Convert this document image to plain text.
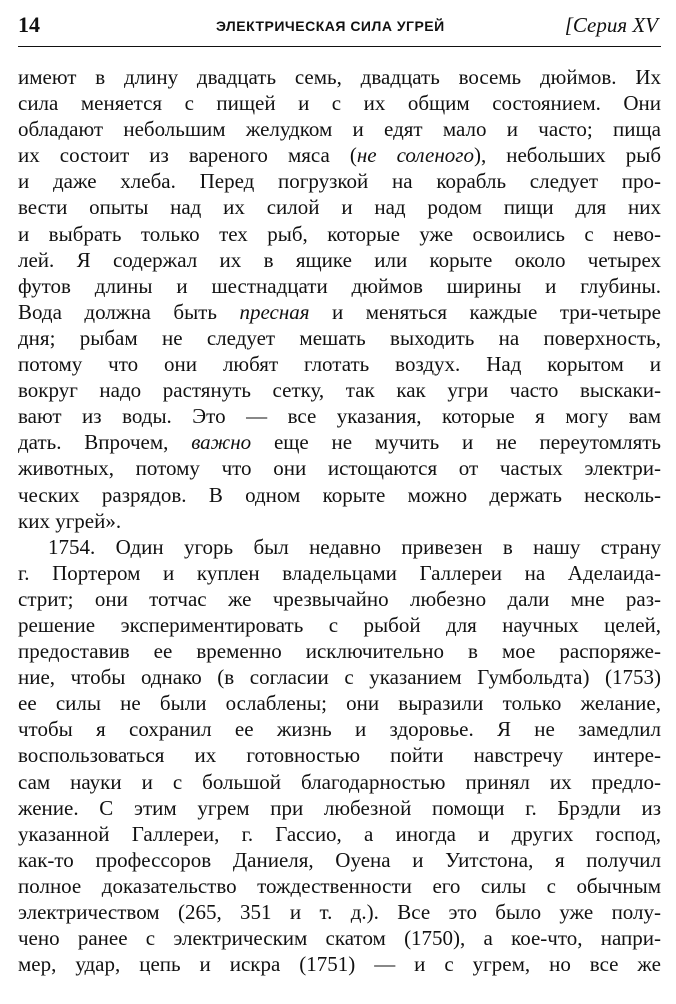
14	ЭЛЕКТРИЧЕСКАЯ СИЛА УГРЕЙ	[Серия XV
имеют в длину двадцать семь, двадцать восемь дюймов. Их
сила меняется с пищей и с их общим состоянием. Они
обладают небольшим желудком и едят мало и часто; пища
их состоит из вареного мяса (не соленого), небольших рыб
и даже хлеба. Перед погрузкой на корабль следует про-
вести опыты над их силой и над родом пищи для них
и выбрать только тех рыб, которые уже освоились с нево-
лей. Я содержал их в ящике или корыте около четырех
футов длины и шестнадцати дюймов ширины и глубины.
Вода должна быть пресная и меняться каждые три-четыре
дня; рыбам не следует мешать выходить на поверхность,
потому что они любят глотать воздух. Над корытом и
вокруг надо растянуть сетку, так как угри часто выскаки-
вают из воды. Это — все указания, которые я могу вам
дать. Впрочем, важно еще не мучить и не переутомлять
животных, потому что они истощаются от частых электри-
ческих разрядов. В одном корыте можно держать несколь-
ких угрей».
1754. Один угорь был недавно привезен в нашу страну
г. Портером и куплен владельцами Галлереи на Аделаида-
стрит; они тотчас же чрезвычайно любезно дали мне раз-
решение экспериментировать с рыбой для научных целей,
предоставив ее временно исключительно в мое распоряже-
ние, чтобы однако (в согласии с указанием Гумбольдта) (1753)
ее силы не были ослаблены; они выразили только желание,
чтобы я сохранил ее жизнь и здоровье. Я не замедлил
воспользоваться их готовностью пойти навстречу интере-
сам науки и с большой благодарностью принял их предло-
жение. С этим угрем при любезной помощи г. Брэдли из
указанной Галлереи, г. Гассио, а иногда и других господ,
как-то профессоров Даниеля, Оуена и Уитстона, я получил
полное доказательство тождественности его силы с обычным
электричеством (265, 351 и т. д.). Все это было уже полу-
чено ранее с электрическим скатом (1750), а кое-что, напри-
мер, удар, цепь и искра (1751) — и с угрем, но все же
